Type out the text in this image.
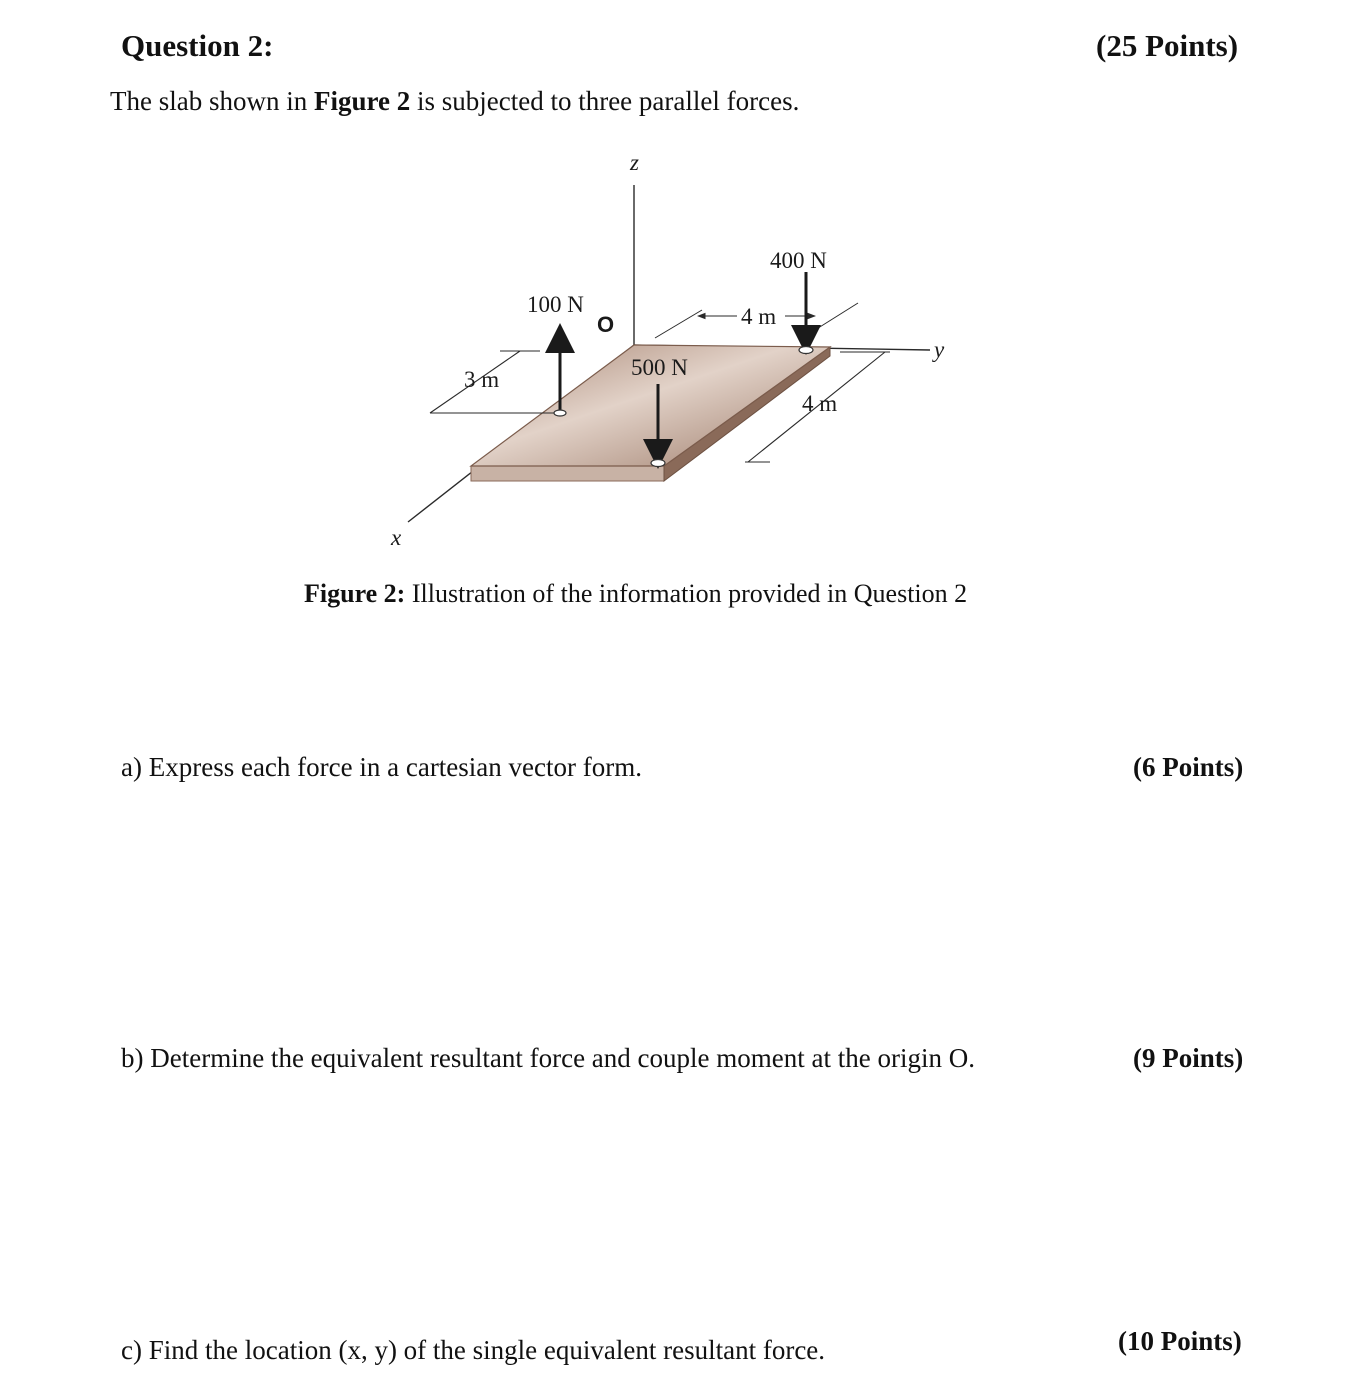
Question 2:	(25 Points)
The slab shown in Figure 2 is subjected to three parallel forces.
z
y
x
O
100 N
500 N
400 N
4 m
4 m
3 m
Figure 2: Illustration of the information provided in Question 2
a) Express each force in a cartesian vector form.	(6 Points)
b) Determine the equivalent resultant force and couple moment at the origin O.	(9 Points)
c) Find the location (x, y) of the single equivalent resultant force.	(10 Points)
